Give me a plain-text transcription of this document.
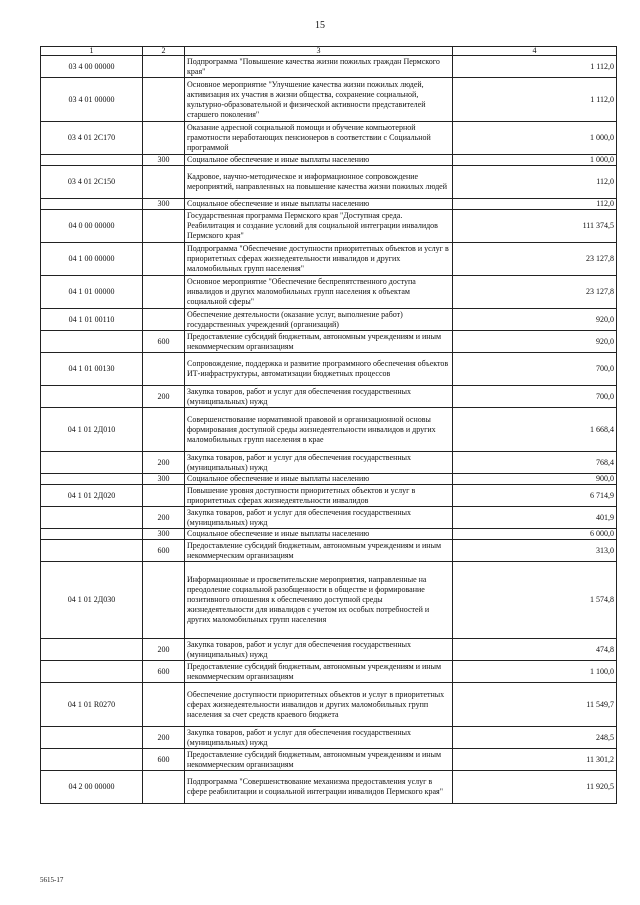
15
1	2	3	4
03 4 00 00000		Подпрограмма "Повышение качества жизни пожилых граждан Пермского края"	1 112,0
03 4 01 00000		Основное мероприятие "Улучшение качества жизни пожилых людей, активизация их участия в жизни общества, сохранение социальной, культурно-образовательной и физической активности представителей старшего поколения"	1 112,0
03 4 01 2С170		Оказание адресной социальной помощи и обучение компьютерной грамотности неработающих пенсионеров в соответствии с Социальной программой	1 000,0
	300	Социальное обеспечение и иные выплаты населению	1 000,0
03 4 01 2С150		Кадровое, научно-методическое и информационное сопровождение мероприятий, направленных на повышение качества жизни пожилых людей	112,0
	300	Социальное обеспечение и иные выплаты населению	112,0
04 0 00 00000		Государственная программа Пермского края "Доступная среда. Реабилитация и создание условий для социальной интеграции инвалидов Пермского края"	111 374,5
04 1 00 00000		Подпрограмма "Обеспечение доступности приоритетных объектов и услуг в приоритетных сферах жизнедеятельности инвалидов и других маломобильных групп населения"	23 127,8
04 1 01 00000		Основное мероприятие "Обеспечение беспрепятственного доступа инвалидов и других маломобильных групп населения к объектам социальной сферы"	23 127,8
04 1 01 00110		Обеспечение деятельности (оказание услуг, выполнение работ) государственных учреждений (организаций)	920,0
	600	Предоставление субсидий бюджетным, автономным учреждениям и иным некоммерческим организациям	920,0
04 1 01 00130		Сопровождение, поддержка и развитие программного обеспечения объектов ИТ-инфраструктуры, автоматизации бюджетных процессов	700,0
	200	Закупка товаров, работ и услуг для обеспечения государственных (муниципальных) нужд	700,0
04 1 01 2Д010		Совершенствование нормативной правовой и организационной основы формирования доступной среды жизнедеятельности инвалидов и других маломобильных групп населения в крае	1 668,4
	200	Закупка товаров, работ и услуг для обеспечения государственных (муниципальных) нужд	768,4
	300	Социальное обеспечение и иные выплаты населению	900,0
04 1 01 2Д020		Повышение уровня доступности приоритетных объектов и услуг в приоритетных сферах жизнедеятельности инвалидов	6 714,9
	200	Закупка товаров, работ и услуг для обеспечения государственных (муниципальных) нужд	401,9
	300	Социальное обеспечение и иные выплаты населению	6 000,0
	600	Предоставление субсидий бюджетным, автономным учреждениям и иным некоммерческим организациям	313,0
04 1 01 2Д030		Информационные и просветительские мероприятия, направленные на преодоление социальной разобщенности в обществе и формирование позитивного отношения к обеспечению доступной среды жизнедеятельности для инвалидов с учетом их особых потребностей и других маломобильных групп населения	1 574,8
	200	Закупка товаров, работ и услуг для обеспечения государственных (муниципальных) нужд	474,8
	600	Предоставление субсидий бюджетным, автономным учреждениям и иным некоммерческим организациям	1 100,0
04 1 01 R0270		Обеспечение доступности приоритетных объектов и услуг в приоритетных сферах жизнедеятельности инвалидов и других маломобильных групп населения за счет средств краевого бюджета	11 549,7
	200	Закупка товаров, работ и услуг для обеспечения государственных (муниципальных) нужд	248,5
	600	Предоставление субсидий бюджетным, автономным учреждениям и иным некоммерческим организациям	11 301,2
04 2 00 00000		Подпрограмма "Совершенствование механизма предоставления услуг в сфере реабилитации и социальной интеграции инвалидов Пермского края"	11 920,5
5615-17
